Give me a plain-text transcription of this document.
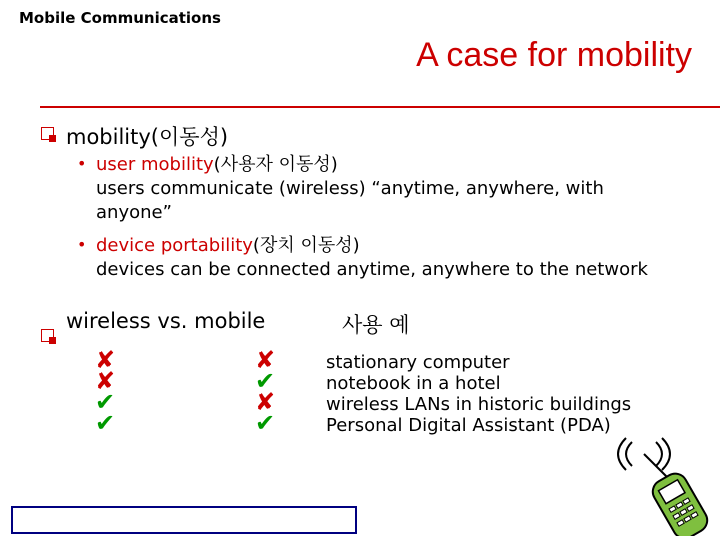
Mobile Communications
A case for mobility
mobility(이동성)
• user mobility(사용자 이동성)
users communicate (wireless) “anytime, anywhere, with
anyone”
• device portability(장치 이동성)
devices can be connected anytime, anywhere to the network
wireless vs. mobile	사용 예
✘
✘
✔
✔
✘
✔
✘
✔
stationary computer
notebook in a hotel
wireless LANs in historic buildings
Personal Digital Assistant (PDA)
